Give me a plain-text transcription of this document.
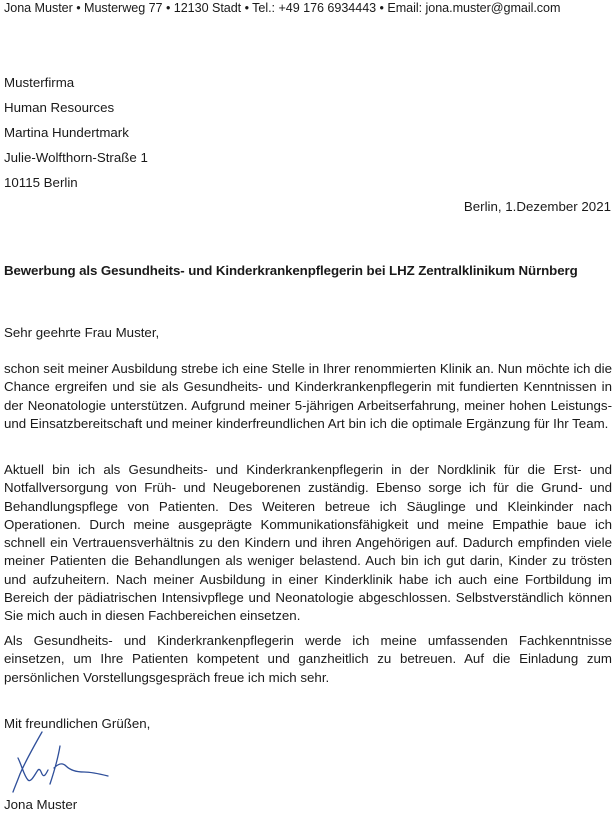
Jona Muster • Musterweg 77 • 12130 Stadt • Tel.: +49 176 6934443 • Email: jona.muster@gmail.com
Musterfirma
Human Resources
Martina Hundertmark
Julie-Wolfthorn-Straße 1
10115 Berlin
Berlin, 1.Dezember 2021
Bewerbung als Gesundheits- und Kinderkrankenpflegerin bei LHZ Zentralklinikum Nürnberg
Sehr geehrte Frau Muster,
schon seit meiner Ausbildung strebe ich eine Stelle in Ihrer renommierten Klinik an. Nun möchte ich die Chance ergreifen und sie als Gesundheits- und Kinderkrankenpflegerin mit fundierten Kenntnissen in der Neonatologie unterstützen. Aufgrund meiner 5-jährigen Arbeitserfahrung, meiner hohen Leistungs- und Einsatzbereitschaft und meiner kinderfreundlichen Art bin ich die optimale Ergänzung für Ihr Team.
Aktuell bin ich als Gesundheits- und Kinderkrankenpflegerin in der Nordklinik für die Erst- und Notfallversorgung von Früh- und Neugeborenen zuständig. Ebenso sorge ich für die Grund- und Behandlungspflege von Patienten. Des Weiteren betreue ich Säuglinge und Kleinkinder nach Operationen. Durch meine ausgeprägte Kommunikationsfähigkeit und meine Empathie baue ich schnell ein Vertrauensverhältnis zu den Kindern und ihren Angehörigen auf. Dadurch empfinden viele meiner Patienten die Behandlungen als weniger belastend. Auch bin ich gut darin, Kinder zu trösten und aufzuheitern. Nach meiner Ausbildung in einer Kinderklinik habe ich auch eine Fortbildung im Bereich der pädiatrischen Intensivpflege und Neonatologie abgeschlossen. Selbstverständlich können Sie mich auch in diesen Fachbereichen einsetzen.
Als Gesundheits- und Kinderkrankenpflegerin werde ich meine umfassenden Fachkenntnisse einsetzen, um Ihre Patienten kompetent und ganzheitlich zu betreuen. Auf die Einladung zum persönlichen Vorstellungsgespräch freue ich mich sehr.
Mit freundlichen Grüßen,
Jona Muster
